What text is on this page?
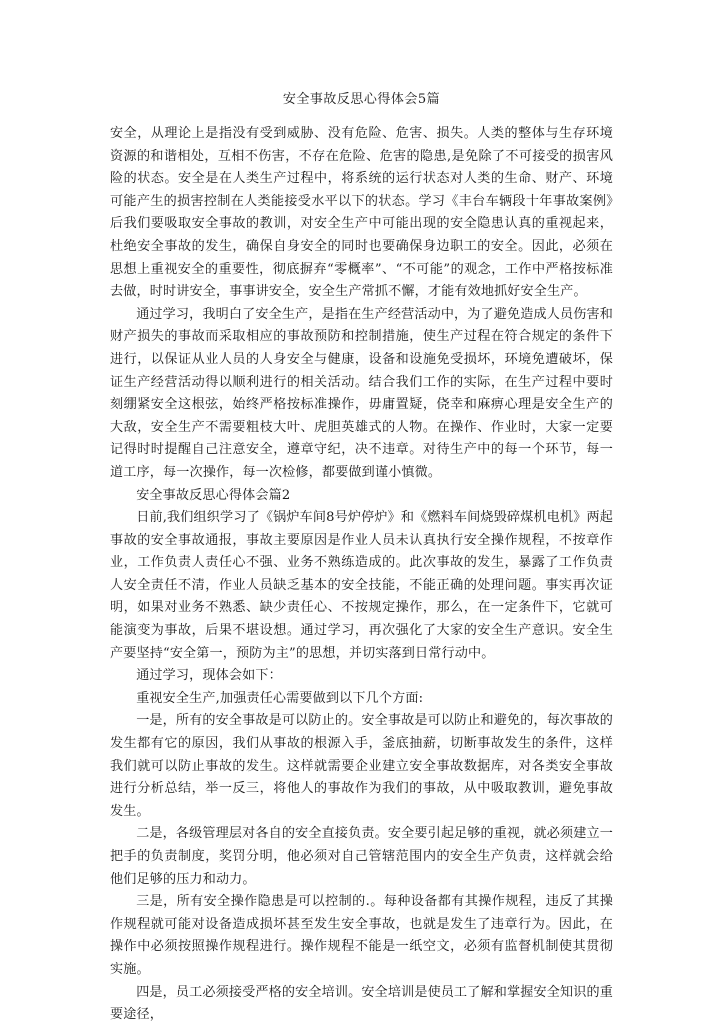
安全事故反思心得体会5篇

安全，从理论上是指没有受到威胁、没有危险、危害、损失。人类的整体与生存环境资源的和谐相处，互相不伤害，不存在危险、危害的隐患,是免除了不可接受的损害风险的状态。安全是在人类生产过程中，将系统的运行状态对人类的生命、财产、环境可能产生的损害控制在人类能接受水平以下的状态。学习《丰台车辆段十年事故案例》后我们要吸取安全事故的教训，对安全生产中可能出现的安全隐患认真的重视起来，杜绝安全事故的发生，确保自身安全的同时也要确保身边职工的安全。因此，必须在思想上重视安全的重要性，彻底摒弃“零概率”、“不可能”的观念，工作中严格按标准去做，时时讲安全，事事讲安全，安全生产常抓不懈，才能有效地抓好安全生产。

通过学习，我明白了安全生产，是指在生产经营活动中，为了避免造成人员伤害和财产损失的事故而采取相应的事故预防和控制措施，使生产过程在符合规定的条件下进行，以保证从业人员的人身安全与健康，设备和设施免受损坏，环境免遭破坏，保证生产经营活动得以顺利进行的相关活动。结合我们工作的实际，在生产过程中要时刻绷紧安全这根弦，始终严格按标准操作，毋庸置疑，侥幸和麻痹心理是安全生产的大敌，安全生产不需要粗枝大叶、虎胆英雄式的人物。在操作、作业时，大家一定要记得时时提醒自己注意安全，遵章守纪，决不违章。对待生产中的每一个环节，每一道工序，每一次操作，每一次检修，都要做到谨小慎微。

安全事故反思心得体会篇2

日前,我们组织学习了《锅炉车间8号炉停炉》和《燃料车间烧毁碎煤机电机》两起事故的安全事故通报，事故主要原因是作业人员未认真执行安全操作规程，不按章作业，工作负责人责任心不强、业务不熟练造成的。此次事故的发生，暴露了工作负责人安全责任不清，作业人员缺乏基本的安全技能，不能正确的处理问题。事实再次证明，如果对业务不熟悉、缺少责任心、不按规定操作，那么，在一定条件下，它就可能演变为事故，后果不堪设想。通过学习，再次强化了大家的安全生产意识。安全生产要坚持“安全第一，预防为主”的思想，并切实落到日常行动中。

通过学习，现体会如下：

重视安全生产,加强责任心需要做到以下几个方面:

一是，所有的安全事故是可以防止的。安全事故是可以防止和避免的，每次事故的发生都有它的原因，我们从事故的根源入手，釜底抽薪，切断事故发生的条件，这样我们就可以防止事故的发生。这样就需要企业建立安全事故数据库，对各类安全事故进行分析总结，举一反三，将他人的事故作为我们的事故，从中吸取教训，避免事故发生。

二是，各级管理层对各自的安全直接负责。安全要引起足够的重视，就必须建立一把手的负责制度，奖罚分明，他必须对自己管辖范围内的安全生产负责，这样就会给他们足够的压力和动力。

三是，所有安全操作隐患是可以控制的.。每种设备都有其操作规程，违反了其操作规程就可能对设备造成损坏甚至发生安全事故，也就是发生了违章行为。因此，在操作中必须按照操作规程进行。操作规程不能是一纸空文，必须有监督机制使其贯彻实施。

四是，员工必须接受严格的安全培训。安全培训是使员工了解和掌握安全知识的重要途径，
